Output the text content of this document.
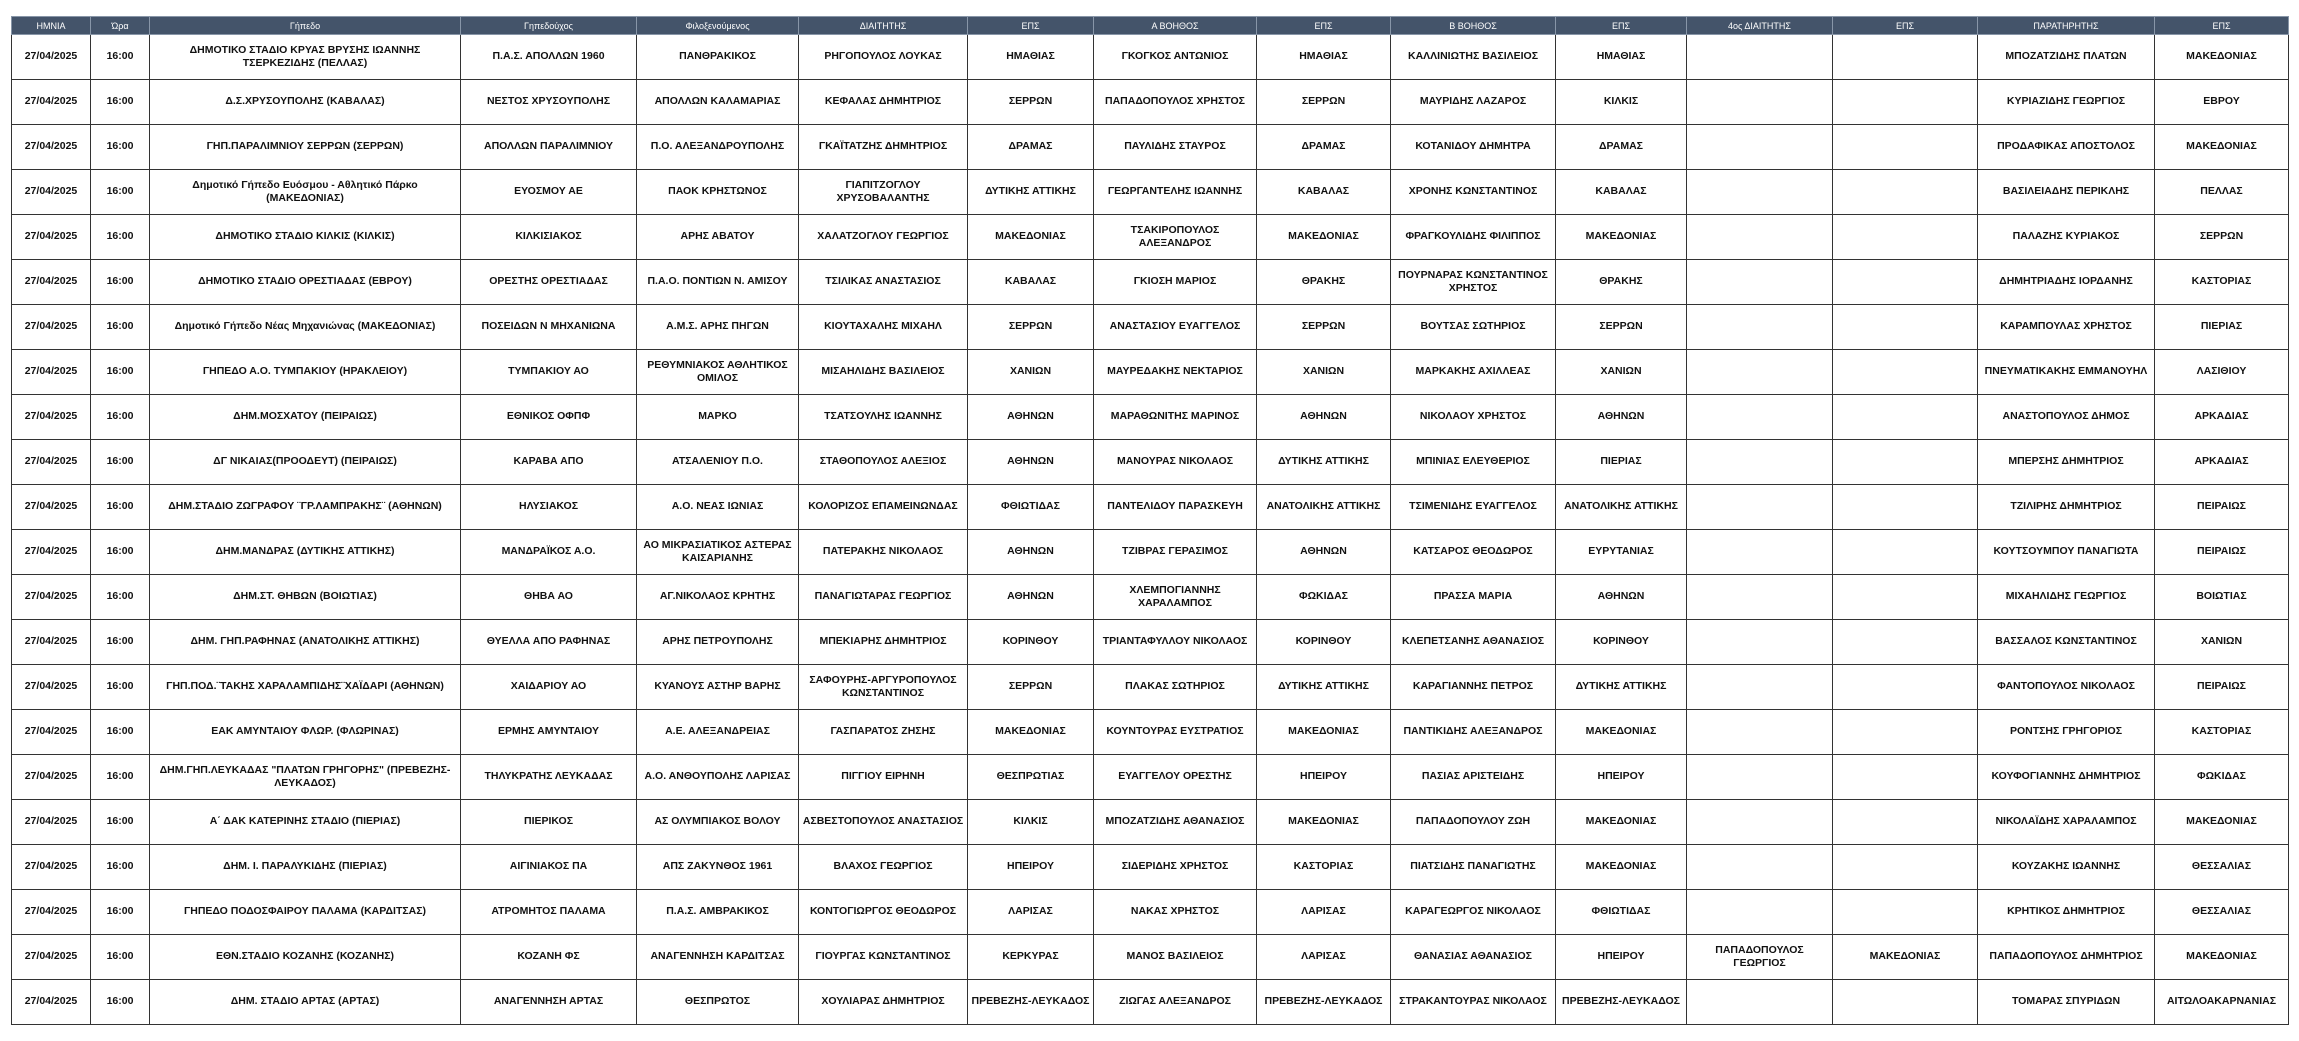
ΗΜΝΙΑ	Ώρα	Γήπεδο	Γηπεδούχος	Φιλοξενούμενος	ΔΙΑΙΤΗΤΗΣ	ΕΠΣ	Α ΒΟΗΘΟΣ	ΕΠΣ	Β ΒΟΗΘΟΣ	ΕΠΣ	4ος ΔΙΑΙΤΗΤΗΣ	ΕΠΣ	ΠΑΡΑΤΗΡΗΤΗΣ	ΕΠΣ
27/04/2025	16:00	ΔΗΜΟΤΙΚΟ ΣΤΑΔΙΟ ΚΡΥΑΣ ΒΡΥΣΗΣ ΙΩΑΝΝΗΣ ΤΣΕΡΚΕΖΙΔΗΣ (ΠΕΛΛΑΣ)	Π.Α.Σ. ΑΠΟΛΛΩΝ 1960	ΠΑΝΘΡΑΚΙΚΟΣ	ΡΗΓΟΠΟΥΛΟΣ ΛΟΥΚΑΣ	ΗΜΑΘΙΑΣ	ΓΚΟΓΚΟΣ ΑΝΤΩΝΙΟΣ	ΗΜΑΘΙΑΣ	ΚΑΛΛΙΝΙΩΤΗΣ ΒΑΣΙΛΕΙΟΣ	ΗΜΑΘΙΑΣ			ΜΠΟΖΑΤΖΙΔΗΣ ΠΛΑΤΩΝ	ΜΑΚΕΔΟΝΙΑΣ
27/04/2025	16:00	Δ.Σ.ΧΡΥΣΟΥΠΟΛΗΣ (ΚΑΒΑΛΑΣ)	ΝΕΣΤΟΣ ΧΡΥΣΟΥΠΟΛΗΣ	ΑΠΟΛΛΩΝ ΚΑΛΑΜΑΡΙΑΣ	ΚΕΦΑΛΑΣ ΔΗΜΗΤΡΙΟΣ	ΣΕΡΡΩΝ	ΠΑΠΑΔΟΠΟΥΛΟΣ ΧΡΗΣΤΟΣ	ΣΕΡΡΩΝ	ΜΑΥΡΙΔΗΣ ΛΑΖΑΡΟΣ	ΚΙΛΚΙΣ			ΚΥΡΙΑΖΙΔΗΣ ΓΕΩΡΓΙΟΣ	ΕΒΡΟΥ
27/04/2025	16:00	ΓΗΠ.ΠΑΡΑΛΙΜΝΙΟΥ ΣΕΡΡΩΝ (ΣΕΡΡΩΝ)	ΑΠΟΛΛΩΝ ΠΑΡΑΛΙΜΝΙΟΥ	Π.Ο. ΑΛΕΞΑΝΔΡΟΥΠΟΛΗΣ	ΓΚΑΪΤΑΤΖΗΣ ΔΗΜΗΤΡΙΟΣ	ΔΡΑΜΑΣ	ΠΑΥΛΙΔΗΣ ΣΤΑΥΡΟΣ	ΔΡΑΜΑΣ	ΚΟΤΑΝΙΔΟΥ ΔΗΜΗΤΡΑ	ΔΡΑΜΑΣ			ΠΡΟΔΑΦΙΚΑΣ ΑΠΟΣΤΟΛΟΣ	ΜΑΚΕΔΟΝΙΑΣ
27/04/2025	16:00	Δημοτικό Γήπεδο Ευόσμου - Αθλητικό Πάρκο (ΜΑΚΕΔΟΝΙΑΣ)	ΕΥΟΣΜΟΥ ΑΕ	ΠΑΟΚ ΚΡΗΣΤΩΝΟΣ	ΓΙΑΠΙΤΖΟΓΛΟΥ ΧΡΥΣΟΒΑΛΑΝΤΗΣ	ΔΥΤΙΚΗΣ ΑΤΤΙΚΗΣ	ΓΕΩΡΓΑΝΤΕΛΗΣ ΙΩΑΝΝΗΣ	ΚΑΒΑΛΑΣ	ΧΡΟΝΗΣ ΚΩΝΣΤΑΝΤΙΝΟΣ	ΚΑΒΑΛΑΣ			ΒΑΣΙΛΕΙΑΔΗΣ ΠΕΡΙΚΛΗΣ	ΠΕΛΛΑΣ
27/04/2025	16:00	ΔΗΜΟΤΙΚΟ ΣΤΑΔΙΟ ΚΙΛΚΙΣ (ΚΙΛΚΙΣ)	ΚΙΛΚΙΣΙΑΚΟΣ	ΑΡΗΣ ΑΒΑΤΟΥ	ΧΑΛΑΤΖΟΓΛΟΥ ΓΕΩΡΓΙΟΣ	ΜΑΚΕΔΟΝΙΑΣ	ΤΣΑΚΙΡΟΠΟΥΛΟΣ ΑΛΕΞΑΝΔΡΟΣ	ΜΑΚΕΔΟΝΙΑΣ	ΦΡΑΓΚΟΥΛΙΔΗΣ ΦΙΛΙΠΠΟΣ	ΜΑΚΕΔΟΝΙΑΣ			ΠΑΛΑΖΗΣ ΚΥΡΙΑΚΟΣ	ΣΕΡΡΩΝ
27/04/2025	16:00	ΔΗΜΟΤΙΚΟ ΣΤΑΔΙΟ ΟΡΕΣΤΙΑΔΑΣ (ΕΒΡΟΥ)	ΟΡΕΣΤΗΣ ΟΡΕΣΤΙΑΔΑΣ	Π.Α.Ο. ΠΟΝΤΙΩΝ Ν. ΑΜΙΣΟΥ	ΤΣΙΛΙΚΑΣ ΑΝΑΣΤΑΣΙΟΣ	ΚΑΒΑΛΑΣ	ΓΚΙΟΣΗ ΜΑΡΙΟΣ	ΘΡΑΚΗΣ	ΠΟΥΡΝΑΡΑΣ ΚΩΝΣΤΑΝΤΙΝΟΣ ΧΡΗΣΤΟΣ	ΘΡΑΚΗΣ			ΔΗΜΗΤΡΙΑΔΗΣ ΙΟΡΔΑΝΗΣ	ΚΑΣΤΟΡΙΑΣ
27/04/2025	16:00	Δημοτικό Γήπεδο Νέας Μηχανιώνας (ΜΑΚΕΔΟΝΙΑΣ)	ΠΟΣΕΙΔΩΝ Ν ΜΗΧΑΝΙΩΝΑ	Α.Μ.Σ. ΑΡΗΣ ΠΗΓΩΝ	ΚΙΟΥΤΑΧΑΛΗΣ ΜΙΧΑΗΛ	ΣΕΡΡΩΝ	ΑΝΑΣΤΑΣΙΟΥ ΕΥΑΓΓΕΛΟΣ	ΣΕΡΡΩΝ	ΒΟΥΤΣΑΣ ΣΩΤΗΡΙΟΣ	ΣΕΡΡΩΝ			ΚΑΡΑΜΠΟΥΛΑΣ ΧΡΗΣΤΟΣ	ΠΙΕΡΙΑΣ
27/04/2025	16:00	ΓΗΠΕΔΟ Α.Ο. ΤΥΜΠΑΚΙΟΥ (ΗΡΑΚΛΕΙΟΥ)	ΤΥΜΠΑΚΙΟΥ ΑΟ	ΡΕΘΥΜΝΙΑΚΟΣ ΑΘΛΗΤΙΚΟΣ ΟΜΙΛΟΣ	ΜΙΣΑΗΛΙΔΗΣ ΒΑΣΙΛΕΙΟΣ	ΧΑΝΙΩΝ	ΜΑΥΡΕΔΑΚΗΣ ΝΕΚΤΑΡΙΟΣ	ΧΑΝΙΩΝ	ΜΑΡΚΑΚΗΣ ΑΧΙΛΛΕΑΣ	ΧΑΝΙΩΝ			ΠΝΕΥΜΑΤΙΚΑΚΗΣ ΕΜΜΑΝΟΥΗΛ	ΛΑΣΙΘΙΟΥ
27/04/2025	16:00	ΔΗΜ.ΜΟΣΧΑΤΟΥ (ΠΕΙΡΑΙΩΣ)	ΕΘΝΙΚΟΣ ΟΦΠΦ	ΜΑΡΚΟ	ΤΣΑΤΣΟΥΛΗΣ ΙΩΑΝΝΗΣ	ΑΘΗΝΩΝ	ΜΑΡΑΘΩΝΙΤΗΣ ΜΑΡΙΝΟΣ	ΑΘΗΝΩΝ	ΝΙΚΟΛΑΟΥ ΧΡΗΣΤΟΣ	ΑΘΗΝΩΝ			ΑΝΑΣΤΟΠΟΥΛΟΣ ΔΗΜΟΣ	ΑΡΚΑΔΙΑΣ
27/04/2025	16:00	ΔΓ ΝΙΚΑΙΑΣ(ΠΡΟΟΔΕΥΤ) (ΠΕΙΡΑΙΩΣ)	ΚΑΡΑΒΑ ΑΠΟ	ΑΤΣΑΛΕΝΙΟΥ Π.Ο.	ΣΤΑΘΟΠΟΥΛΟΣ ΑΛΕΞΙΟΣ	ΑΘΗΝΩΝ	ΜΑΝΟΥΡΑΣ ΝΙΚΟΛΑΟΣ	ΔΥΤΙΚΗΣ ΑΤΤΙΚΗΣ	ΜΠΙΝΙΑΣ ΕΛΕΥΘΕΡΙΟΣ	ΠΙΕΡΙΑΣ			ΜΠΕΡΣΗΣ ΔΗΜΗΤΡΙΟΣ	ΑΡΚΑΔΙΑΣ
27/04/2025	16:00	ΔΗΜ.ΣΤΑΔΙΟ ΖΩΓΡΑΦΟΥ ¨ΓΡ.ΛΑΜΠΡΑΚΗΣ¨ (ΑΘΗΝΩΝ)	ΗΛΥΣΙΑΚΟΣ	Α.Ο. ΝΕΑΣ ΙΩΝΙΑΣ	ΚΟΛΟΡΙΖΟΣ ΕΠΑΜΕΙΝΩΝΔΑΣ	ΦΘΙΩΤΙΔΑΣ	ΠΑΝΤΕΛΙΔΟΥ ΠΑΡΑΣΚΕΥΗ	ΑΝΑΤΟΛΙΚΗΣ ΑΤΤΙΚΗΣ	ΤΣΙΜΕΝΙΔΗΣ ΕΥΑΓΓΕΛΟΣ	ΑΝΑΤΟΛΙΚΗΣ ΑΤΤΙΚΗΣ			ΤΖΙΛΙΡΗΣ ΔΗΜΗΤΡΙΟΣ	ΠΕΙΡΑΙΩΣ
27/04/2025	16:00	ΔΗΜ.ΜΑΝΔΡΑΣ (ΔΥΤΙΚΗΣ ΑΤΤΙΚΗΣ)	ΜΑΝΔΡΑΪΚΟΣ Α.Ο.	ΑΟ ΜΙΚΡΑΣΙΑΤΙΚΟΣ ΑΣΤΕΡΑΣ ΚΑΙΣΑΡΙΑΝΗΣ	ΠΑΤΕΡΑΚΗΣ ΝΙΚΟΛΑΟΣ	ΑΘΗΝΩΝ	ΤΖΙΒΡΑΣ ΓΕΡΑΣΙΜΟΣ	ΑΘΗΝΩΝ	ΚΑΤΣΑΡΟΣ ΘΕΟΔΩΡΟΣ	ΕΥΡΥΤΑΝΙΑΣ			ΚΟΥΤΣΟΥΜΠΟΥ ΠΑΝΑΓΙΩΤΑ	ΠΕΙΡΑΙΩΣ
27/04/2025	16:00	ΔΗΜ.ΣΤ. ΘΗΒΩΝ (ΒΟΙΩΤΙΑΣ)	ΘΗΒΑ ΑΟ	ΑΓ.ΝΙΚΟΛΑΟΣ ΚΡΗΤΗΣ	ΠΑΝΑΓΙΩΤΑΡΑΣ ΓΕΩΡΓΙΟΣ	ΑΘΗΝΩΝ	ΧΛΕΜΠΟΓΙΑΝΝΗΣ ΧΑΡΑΛΑΜΠΟΣ	ΦΩΚΙΔΑΣ	ΠΡΑΣΣΑ ΜΑΡΙΑ	ΑΘΗΝΩΝ			ΜΙΧΑΗΛΙΔΗΣ ΓΕΩΡΓΙΟΣ	ΒΟΙΩΤΙΑΣ
27/04/2025	16:00	ΔΗΜ. ΓΗΠ.ΡΑΦΗΝΑΣ (ΑΝΑΤΟΛΙΚΗΣ ΑΤΤΙΚΗΣ)	ΘΥΕΛΛΑ ΑΠΟ ΡΑΦΗΝΑΣ	ΑΡΗΣ ΠΕΤΡΟΥΠΟΛΗΣ	ΜΠΕΚΙΑΡΗΣ ΔΗΜΗΤΡΙΟΣ	ΚΟΡΙΝΘΟΥ	ΤΡΙΑΝΤΑΦΥΛΛΟΥ ΝΙΚΟΛΑΟΣ	ΚΟΡΙΝΘΟΥ	ΚΛΕΠΕΤΣΑΝΗΣ ΑΘΑΝΑΣΙΟΣ	ΚΟΡΙΝΘΟΥ			ΒΑΣΣΑΛΟΣ ΚΩΝΣΤΑΝΤΙΝΟΣ	ΧΑΝΙΩΝ
27/04/2025	16:00	ΓΗΠ.ΠΟΔ.¨ΤΑΚΗΣ ΧΑΡΑΛΑΜΠΙΔΗΣ¨ΧΑΪΔΑΡΙ (ΑΘΗΝΩΝ)	ΧΑΙΔΑΡΙΟΥ ΑΟ	ΚΥΑΝΟΥΣ ΑΣΤΗΡ ΒΑΡΗΣ	ΣΑΦΟΥΡΗΣ-ΑΡΓΥΡΟΠΟΥΛΟΣ ΚΩΝΣΤΑΝΤΙΝΟΣ	ΣΕΡΡΩΝ	ΠΛΑΚΑΣ ΣΩΤΗΡΙΟΣ	ΔΥΤΙΚΗΣ ΑΤΤΙΚΗΣ	ΚΑΡΑΓΙΑΝΝΗΣ ΠΕΤΡΟΣ	ΔΥΤΙΚΗΣ ΑΤΤΙΚΗΣ			ΦΑΝΤΟΠΟΥΛΟΣ ΝΙΚΟΛΑΟΣ	ΠΕΙΡΑΙΩΣ
27/04/2025	16:00	ΕΑΚ ΑΜΥΝΤΑΙΟΥ ΦΛΩΡ. (ΦΛΩΡΙΝΑΣ)	ΕΡΜΗΣ ΑΜΥΝΤΑΙΟΥ	Α.Ε. ΑΛΕΞΑΝΔΡΕΙΑΣ	ΓΑΣΠΑΡΑΤΟΣ ΖΗΣΗΣ	ΜΑΚΕΔΟΝΙΑΣ	ΚΟΥΝΤΟΥΡΑΣ ΕΥΣΤΡΑΤΙΟΣ	ΜΑΚΕΔΟΝΙΑΣ	ΠΑΝΤΙΚΙΔΗΣ ΑΛΕΞΑΝΔΡΟΣ	ΜΑΚΕΔΟΝΙΑΣ			ΡΟΝΤΣΗΣ ΓΡΗΓΟΡΙΟΣ	ΚΑΣΤΟΡΙΑΣ
27/04/2025	16:00	ΔΗΜ.ΓΗΠ.ΛΕΥΚΑΔΑΣ "ΠΛΑΤΩΝ ΓΡΗΓΟΡΗΣ" (ΠΡΕΒΕΖΗΣ-ΛΕΥΚΑΔΟΣ)	ΤΗΛΥΚΡΑΤΗΣ ΛΕΥΚΑΔΑΣ	Α.Ο. ΑΝΘΟΥΠΟΛΗΣ ΛΑΡΙΣΑΣ	ΠΙΓΓΙΟΥ ΕΙΡΗΝΗ	ΘΕΣΠΡΩΤΙΑΣ	ΕΥΑΓΓΕΛΟΥ ΟΡΕΣΤΗΣ	ΗΠΕΙΡΟΥ	ΠΑΣΙΑΣ ΑΡΙΣΤΕΙΔΗΣ	ΗΠΕΙΡΟΥ			ΚΟΥΦΟΓΙΑΝΝΗΣ ΔΗΜΗΤΡΙΟΣ	ΦΩΚΙΔΑΣ
27/04/2025	16:00	Α΄ ΔΑΚ ΚΑΤΕΡΙΝΗΣ ΣΤΑΔΙΟ (ΠΙΕΡΙΑΣ)	ΠΙΕΡΙΚΟΣ	ΑΣ ΟΛΥΜΠΙΑΚΟΣ ΒΟΛΟΥ	ΑΣΒΕΣΤΟΠΟΥΛΟΣ ΑΝΑΣΤΑΣΙΟΣ	ΚΙΛΚΙΣ	ΜΠΟΖΑΤΖΙΔΗΣ ΑΘΑΝΑΣΙΟΣ	ΜΑΚΕΔΟΝΙΑΣ	ΠΑΠΑΔΟΠΟΥΛΟΥ ΖΩΗ	ΜΑΚΕΔΟΝΙΑΣ			ΝΙΚΟΛΑΪΔΗΣ ΧΑΡΑΛΑΜΠΟΣ	ΜΑΚΕΔΟΝΙΑΣ
27/04/2025	16:00	ΔΗΜ. Ι. ΠΑΡΑΛΥΚΙΔΗΣ (ΠΙΕΡΙΑΣ)	ΑΙΓΙΝΙΑΚΟΣ ΠΑ	ΑΠΣ ΖΑΚΥΝΘΟΣ 1961	ΒΛΑΧΟΣ ΓΕΩΡΓΙΟΣ	ΗΠΕΙΡΟΥ	ΣΙΔΕΡΙΔΗΣ ΧΡΗΣΤΟΣ	ΚΑΣΤΟΡΙΑΣ	ΠΙΑΤΣΙΔΗΣ ΠΑΝΑΓΙΩΤΗΣ	ΜΑΚΕΔΟΝΙΑΣ			ΚΟΥΖΑΚΗΣ ΙΩΑΝΝΗΣ	ΘΕΣΣΑΛΙΑΣ
27/04/2025	16:00	ΓΗΠΕΔΟ ΠΟΔΟΣΦΑΙΡΟΥ ΠΑΛΑΜΑ (ΚΑΡΔΙΤΣΑΣ)	ΑΤΡΟΜΗΤΟΣ ΠΑΛΑΜΑ	Π.Α.Σ. ΑΜΒΡΑΚΙΚΟΣ	ΚΟΝΤΟΓΙΩΡΓΟΣ ΘΕΟΔΩΡΟΣ	ΛΑΡΙΣΑΣ	ΝΑΚΑΣ ΧΡΗΣΤΟΣ	ΛΑΡΙΣΑΣ	ΚΑΡΑΓΕΩΡΓΟΣ ΝΙΚΟΛΑΟΣ	ΦΘΙΩΤΙΔΑΣ			ΚΡΗΤΙΚΟΣ ΔΗΜΗΤΡΙΟΣ	ΘΕΣΣΑΛΙΑΣ
27/04/2025	16:00	ΕΘΝ.ΣΤΑΔΙΟ ΚΟΖΑΝΗΣ (ΚΟΖΑΝΗΣ)	ΚΟΖΑΝΗ ΦΣ	ΑΝΑΓΕΝΝΗΣΗ ΚΑΡΔΙΤΣΑΣ	ΓΙΟΥΡΓΑΣ ΚΩΝΣΤΑΝΤΙΝΟΣ	ΚΕΡΚΥΡΑΣ	ΜΑΝΟΣ ΒΑΣΙΛΕΙΟΣ	ΛΑΡΙΣΑΣ	ΘΑΝΑΣΙΑΣ ΑΘΑΝΑΣΙΟΣ	ΗΠΕΙΡΟΥ	ΠΑΠΑΔΟΠΟΥΛΟΣ ΓΕΩΡΓΙΟΣ	ΜΑΚΕΔΟΝΙΑΣ	ΠΑΠΑΔΟΠΟΥΛΟΣ ΔΗΜΗΤΡΙΟΣ	ΜΑΚΕΔΟΝΙΑΣ
27/04/2025	16:00	ΔΗΜ. ΣΤΑΔΙΟ ΑΡΤΑΣ (ΑΡΤΑΣ)	ΑΝΑΓΕΝΝΗΣΗ ΑΡΤΑΣ	ΘΕΣΠΡΩΤΟΣ	ΧΟΥΛΙΑΡΑΣ ΔΗΜΗΤΡΙΟΣ	ΠΡΕΒΕΖΗΣ-ΛΕΥΚΑΔΟΣ	ΖΙΩΓΑΣ ΑΛΕΞΑΝΔΡΟΣ	ΠΡΕΒΕΖΗΣ-ΛΕΥΚΑΔΟΣ	ΣΤΡΑΚΑΝΤΟΥΡΑΣ ΝΙΚΟΛΑΟΣ	ΠΡΕΒΕΖΗΣ-ΛΕΥΚΑΔΟΣ			ΤΟΜΑΡΑΣ ΣΠΥΡΙΔΩΝ	ΑΙΤΩΛΟΑΚΑΡΝΑΝΙΑΣ
